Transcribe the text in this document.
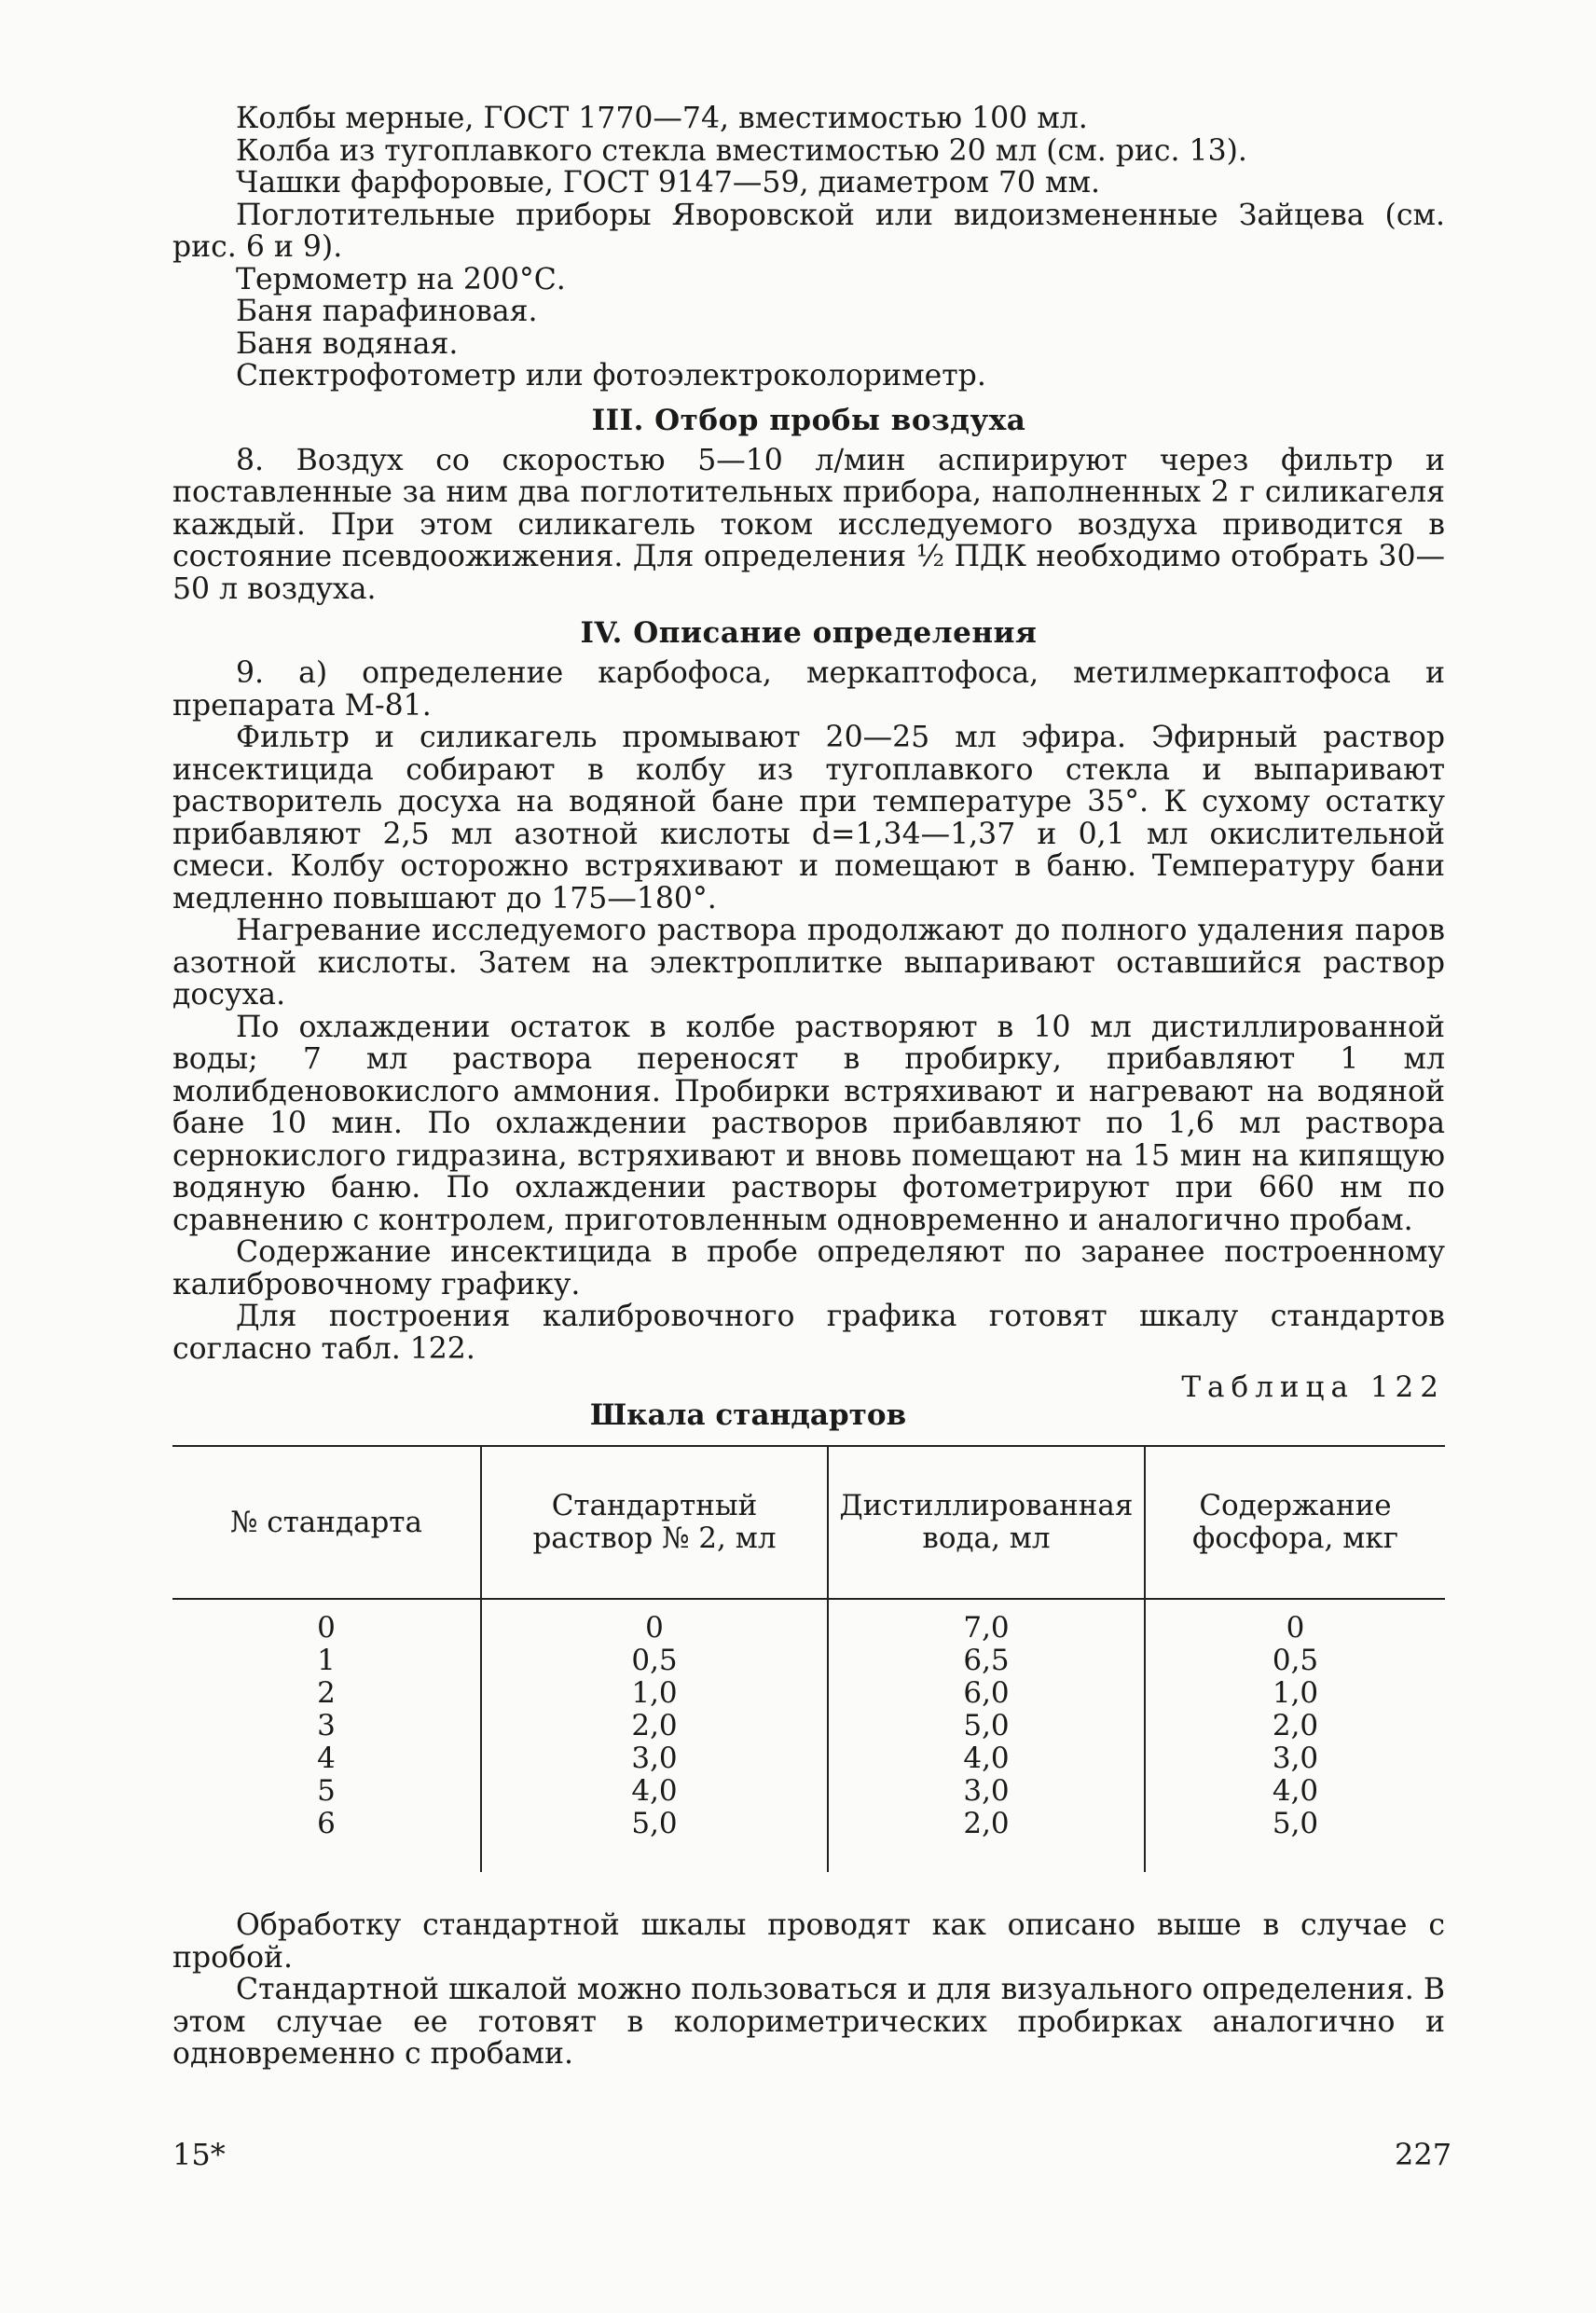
Колбы мерные, ГОСТ 1770—74, вместимостью 100 мл.

Колба из тугоплавкого стекла вместимостью 20 мл (см. рис. 13).

Чашки фарфоровые, ГОСТ 9147—59, диаметром 70 мм.

Поглотительные приборы Яворовской или видоизмененные Зайцева (см. рис. 6 и 9).

Термометр на 200°С.

Баня парафиновая.

Баня водяная.

Спектрофотометр или фотоэлектроколориметр.

III. Отбор пробы воздуха

8. Воздух со скоростью 5—10 л/мин аспирируют через фильтр и поставленные за ним два поглотительных прибора, наполненных 2 г силикагеля каждый. При этом силикагель током исследуемого воздуха приводится в состояние псевдоожижения. Для определения ½ ПДК необходимо отобрать 30—50 л воздуха.

IV. Описание определения

9. а) определение карбофоса, меркаптофоса, метилмеркаптофоса и препарата М-81.

Фильтр и силикагель промывают 20—25 мл эфира. Эфирный раствор инсектицида собирают в колбу из тугоплавкого стекла и выпаривают растворитель досуха на водяной бане при температуре 35°. К сухому остатку прибавляют 2,5 мл азотной кислоты d=1,34—1,37 и 0,1 мл окислительной смеси. Колбу осторожно встряхивают и помещают в баню. Температуру бани медленно повышают до 175—180°.

Нагревание исследуемого раствора продолжают до полного удаления паров азотной кислоты. Затем на электроплитке выпаривают оставшийся раствор досуха.

По охлаждении остаток в колбе растворяют в 10 мл дистиллированной воды; 7 мл раствора переносят в пробирку, прибавляют 1 мл молибденовокислого аммония. Пробирки встряхивают и нагревают на водяной бане 10 мин. По охлаждении растворов прибавляют по 1,6 мл раствора сернокислого гидразина, встряхивают и вновь помещают на 15 мин на кипящую водяную баню. По охлаждении растворы фотометрируют при 660 нм по сравнению с контролем, приготовленным одновременно и аналогично пробам.

Содержание инсектицида в пробе определяют по заранее построенному калибровочному графику.

Для построения калибровочного графика готовят шкалу стандартов согласно табл. 122.

Таблица 122
Шкала стандартов
№ стандарта	Стандартный раствор № 2, мл	Дистиллированная вода, мл	Содержание фосфора, мкг

0	0	7,0	0
1	0,5	6,5	0,5
2	1,0	6,0	1,0
3	2,0	5,0	2,0
4	3,0	4,0	3,0
5	4,0	3,0	4,0
6	5,0	2,0	5,0

Обработку стандартной шкалы проводят как описано выше в случае с пробой.

Стандартной шкалой можно пользоваться и для визуального определения. В этом случае ее готовят в колориметрических пробирках аналогично и одновременно с пробами.

15*	227
